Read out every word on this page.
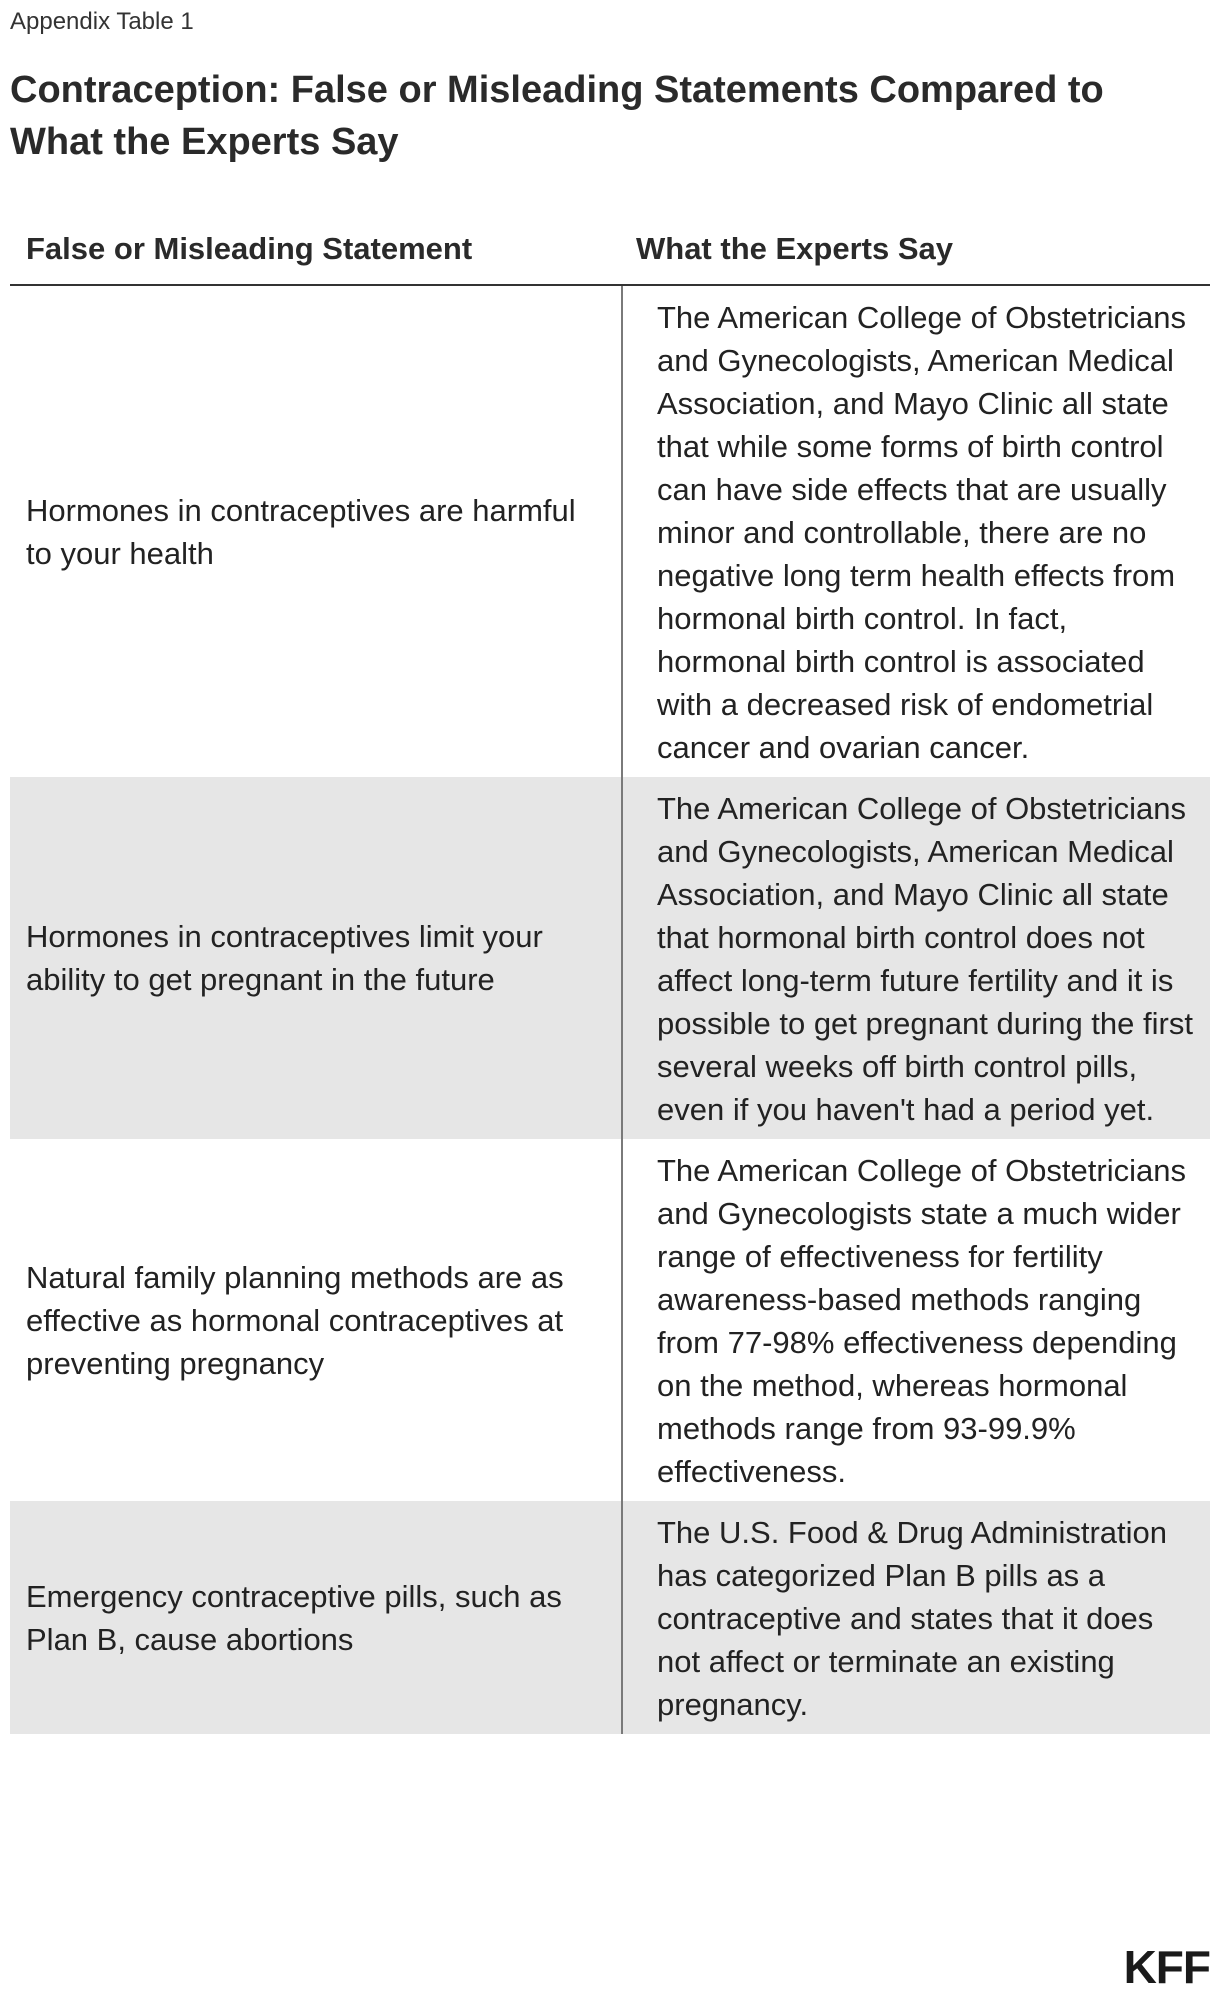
Appendix Table 1
Contraception: False or Misleading Statements Compared to What the Experts Say
False or Misleading Statement	What the Experts Say
Hormones in contraceptives are harmful to your health
The American College of Obstetricians and Gynecologists, American Medical Association, and Mayo Clinic all state that while some forms of birth control can have side effects that are usually minor and controllable, there are no negative long term health effects from hormonal birth control. In fact, hormonal birth control is associated with a decreased risk of endometrial cancer and ovarian cancer.
Hormones in contraceptives limit your ability to get pregnant in the future
The American College of Obstetricians and Gynecologists, American Medical Association, and Mayo Clinic all state that hormonal birth control does not affect long-term future fertility and it is possible to get pregnant during the first several weeks off birth control pills, even if you haven't had a period yet.
Natural family planning methods are as effective as hormonal contraceptives at preventing pregnancy
The American College of Obstetricians and Gynecologists state a much wider range of effectiveness for fertility awareness-based methods ranging from 77-98% effectiveness depending on the method, whereas hormonal methods range from 93-99.9% effectiveness.
Emergency contraceptive pills, such as Plan B, cause abortions
The U.S. Food & Drug Administration has categorized Plan B pills as a contraceptive and states that it does not affect or terminate an existing pregnancy.
KFF
